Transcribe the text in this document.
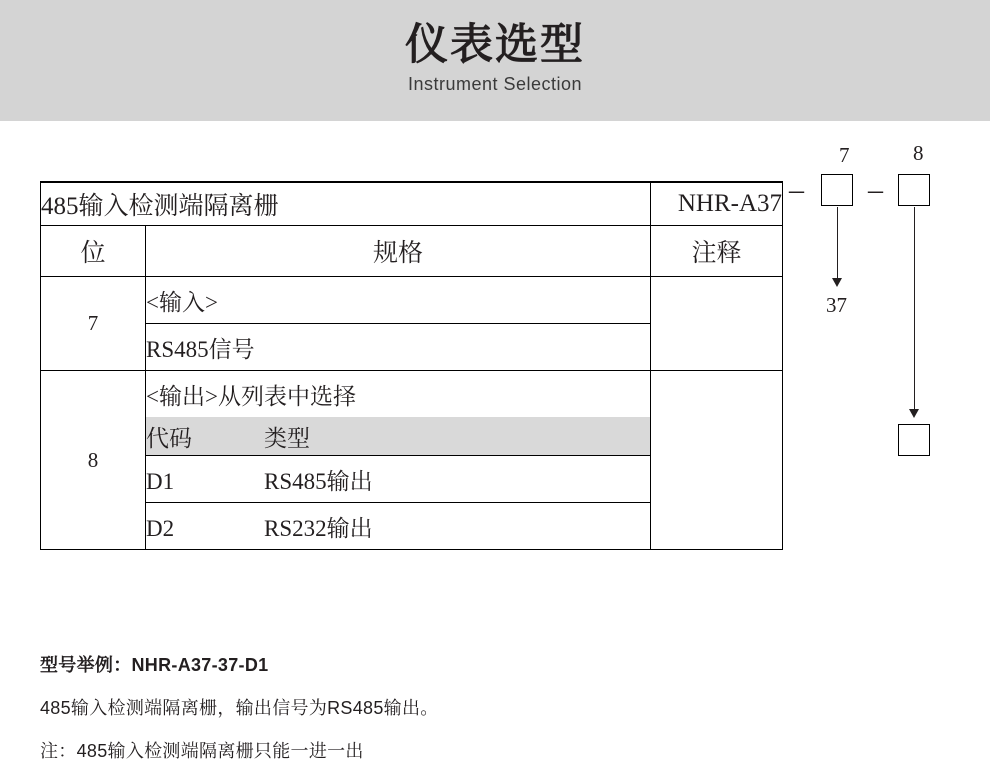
仪表选型
Instrument Selection
485输入检测端隔离栅		NHR-A37
位	规格	注释
7	<输入>	
	RS485信号	
8	<输出>从列表中选择	
	代码 类型	
	D1 RS485输出	
	D2 RS232输出	
7	8
– –
37
型号举例：NHR-A37-37-D1
485输入检测端隔离栅，输出信号为RS485输出。
注：485输入检测端隔离栅只能一进一出
